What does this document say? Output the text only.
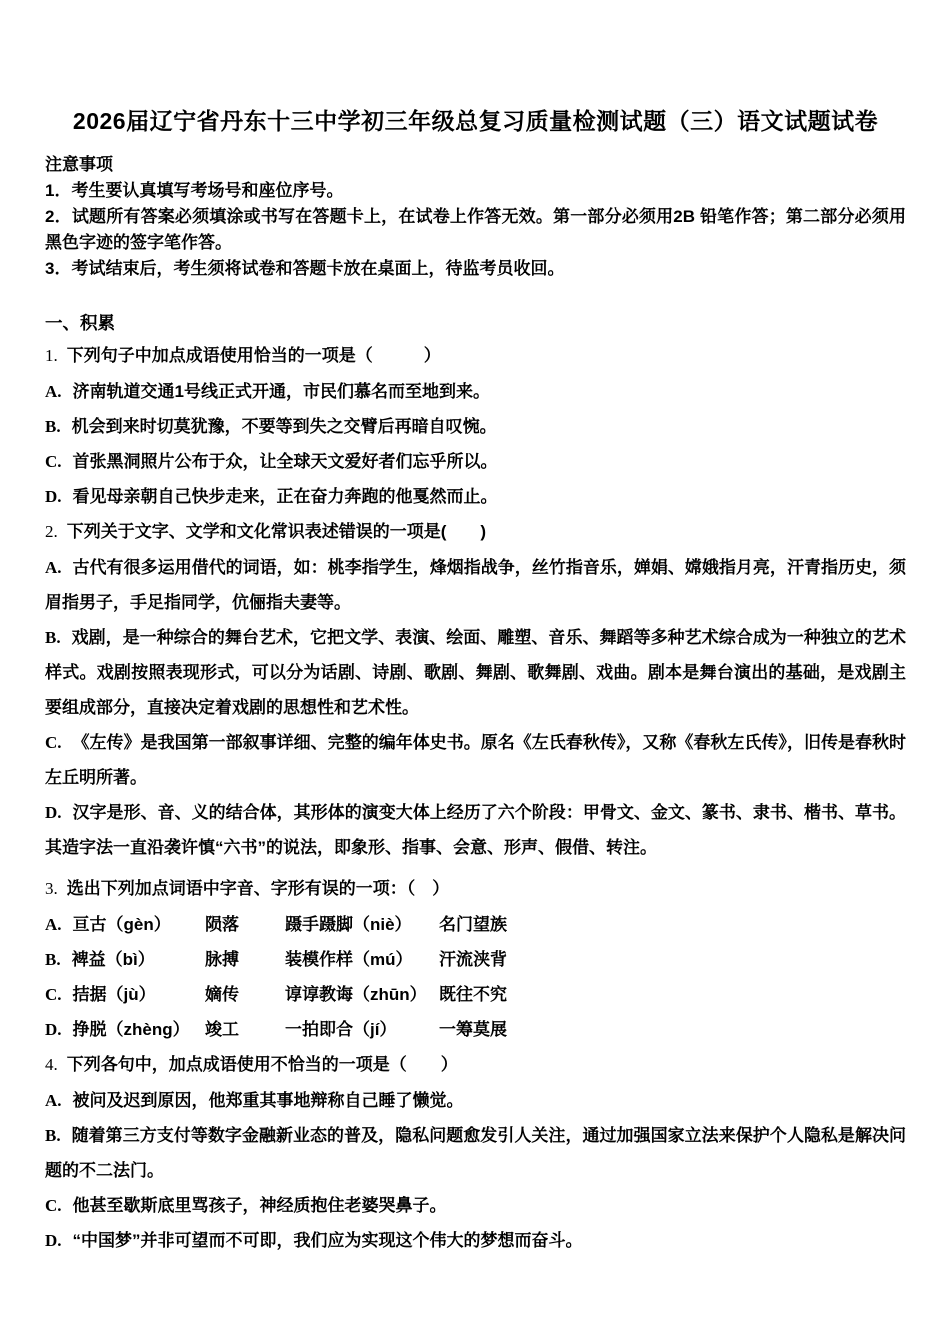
2026届辽宁省丹东十三中学初三年级总复习质量检测试题（三）语文试题试卷
注意事项

1．考生要认真填写考场号和座位序号。

2．试题所有答案必须填涂或书写在答题卡上，在试卷上作答无效。第一部分必须用2B 铅笔作答；第二部分必须用黑色字迹的签字笔作答。

3．考试结束后，考生须将试卷和答题卡放在桌面上，待监考员收回。

一、积累

1. 下列句子中加点成语使用恰当的一项是（　　　）

A. 济南轨道交通1号线正式开通，市民们慕名而至地到来。

B. 机会到来时切莫犹豫，不要等到失之交臂后再暗自叹惋。

C. 首张黑洞照片公布于众，让全球天文爱好者们忘乎所以。

D. 看见母亲朝自己快步走来，正在奋力奔跑的他戛然而止。

2. 下列关于文字、文学和文化常识表述错误的一项是(　　)

A. 古代有很多运用借代的词语，如：桃李指学生，烽烟指战争，丝竹指音乐，婵娟、嫦娥指月亮，汗青指历史，须眉指男子，手足指同学，伉俪指夫妻等。

B. 戏剧，是一种综合的舞台艺术，它把文学、表演、绘面、雕塑、音乐、舞蹈等多种艺术综合成为一种独立的艺术样式。戏剧按照表现形式，可以分为话剧、诗剧、歌剧、舞剧、歌舞剧、戏曲。剧本是舞台演出的基础，是戏剧主要组成部分，直接决定着戏剧的思想性和艺术性。

C. 《左传》是我国第一部叙事详细、完整的编年体史书。原名《左氏春秋传》，又称《春秋左氏传》，旧传是春秋时左丘明所著。

D. 汉字是形、音、义的结合体，其形体的演变大体上经历了六个阶段：甲骨文、金文、篆书、隶书、楷书、草书。其造字法一直沿袭许慎“六书”的说法，即象形、指事、会意、形声、假借、转注。

3. 选出下列加点词语中字音、字形有误的一项：（　）

A. 亘古（gèn）	陨落	蹑手蹑脚（niè）	名门望族
B. 裨益（bì）	脉搏	装模作样（mú）	汗流浃背
C. 拮据（jù）	嫡传	谆谆教诲（zhūn） 既往不究
D. 挣脱（zhèng） 竣工	一拍即合（jí）	一筹莫展

4. 下列各句中，加点成语使用不恰当的一项是（　　）

A. 被问及迟到原因，他郑重其事地辩称自己睡了懒觉。

B. 随着第三方支付等数字金融新业态的普及，隐私问题愈发引人关注，通过加强国家立法来保护个人隐私是解决问题的不二法门。

C. 他甚至歇斯底里骂孩子，神经质抱住老婆哭鼻子。

D. “中国梦”并非可望而不可即，我们应为实现这个伟大的梦想而奋斗。
